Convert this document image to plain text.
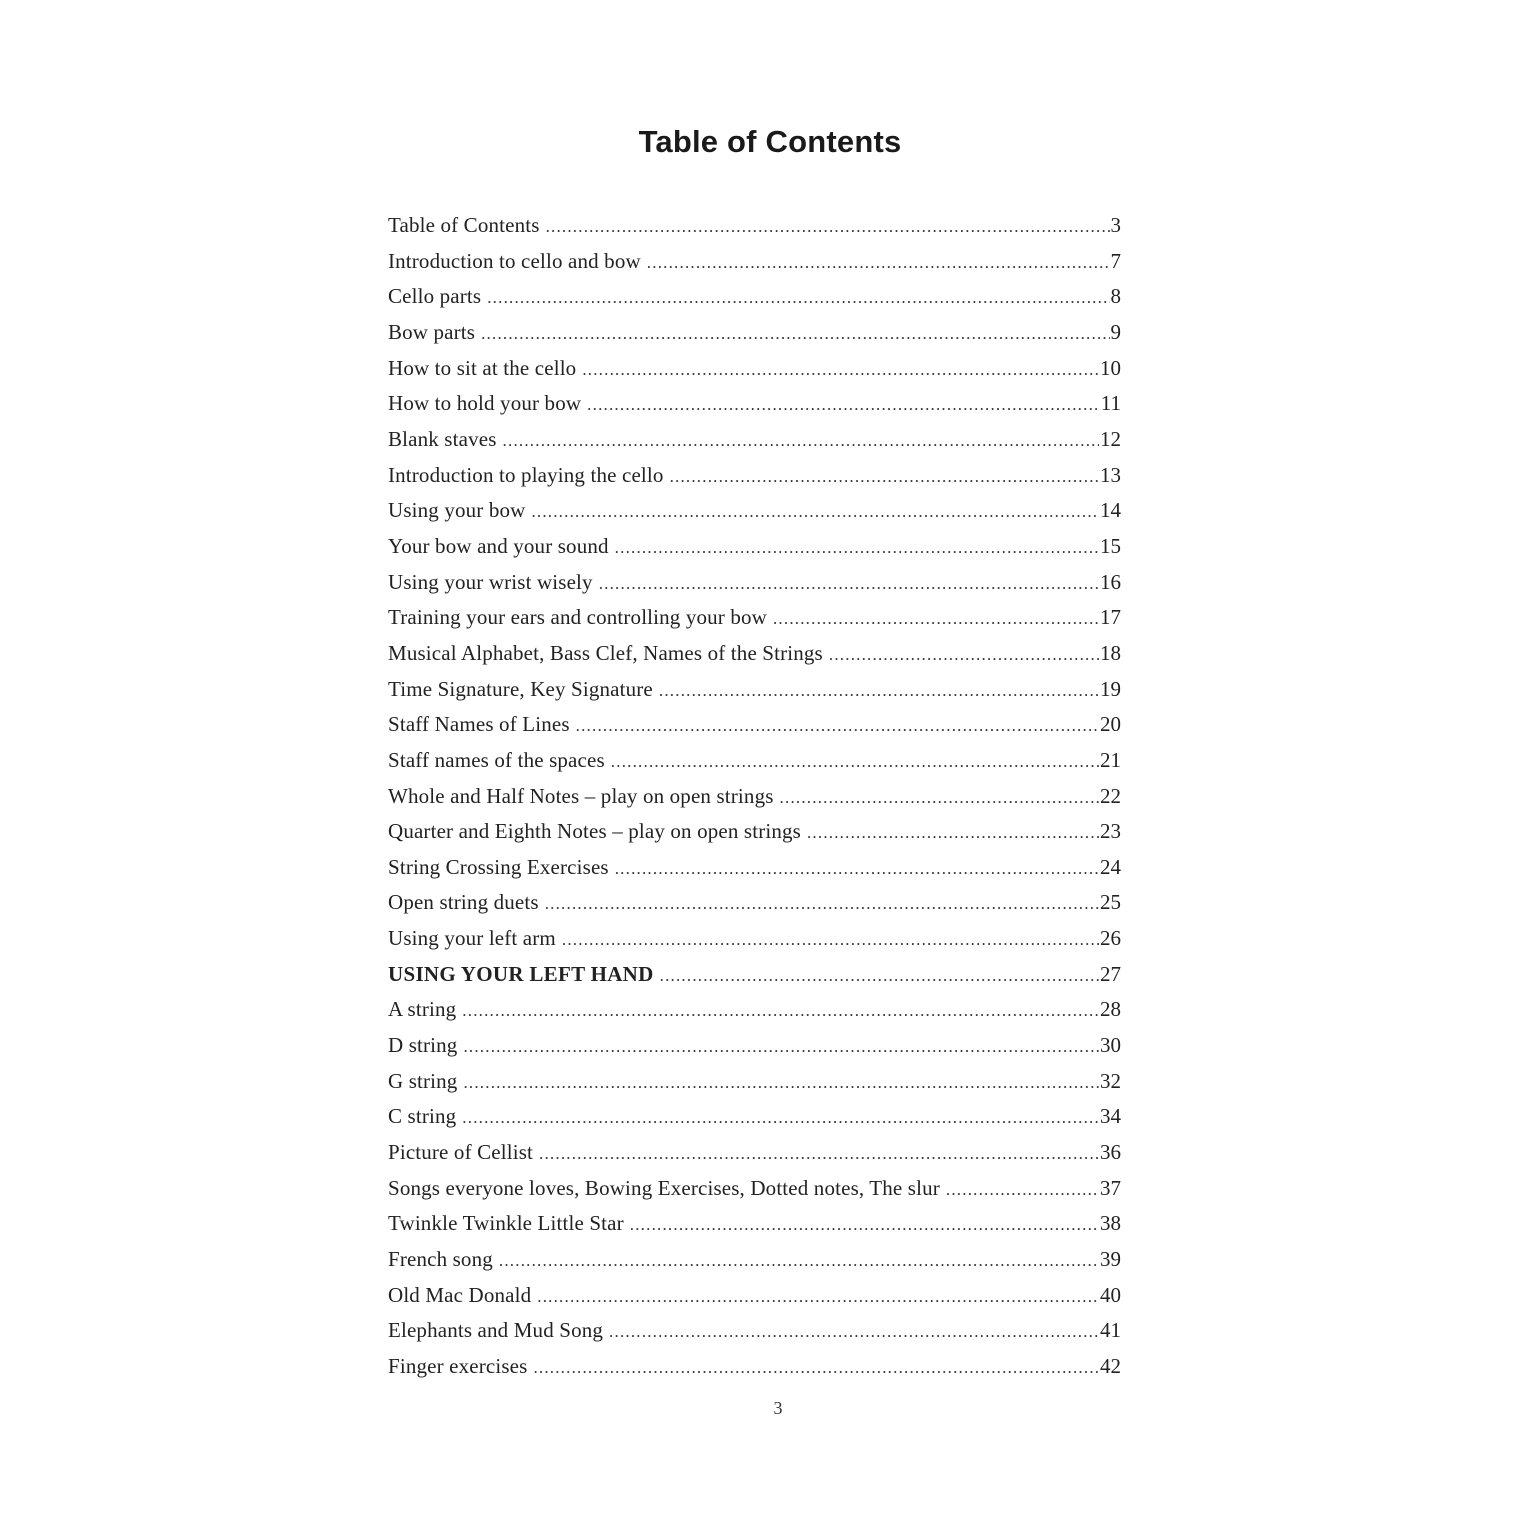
Table of Contents
Table of Contents .....	3
Introduction to cello and bow .....	7
Cello parts .....	8
Bow parts .....	9
How to sit at the cello .....	10
How to hold your bow .....	11
Blank staves .....	12
Introduction to playing the cello .....	13
Using your bow .....	14
Your bow and your sound .....	15
Using your wrist wisely .....	16
Training your ears and controlling your bow .....	17
Musical Alphabet, Bass Clef, Names of the Strings .....	18
Time Signature, Key Signature .....	19
Staff Names of Lines .....	20
Staff names of the spaces .....	21
Whole and Half Notes – play on open strings .....	22
Quarter and Eighth Notes – play on open strings .....	23
String Crossing Exercises .....	24
Open string duets .....	25
Using your left arm .....	26
USING YOUR LEFT HAND .....	27
A string .....	28
D string .....	30
G string .....	32
C string .....	34
Picture of Cellist .....	36
Songs everyone loves, Bowing Exercises, Dotted notes, The slur .....	37
Twinkle Twinkle Little Star .....	38
French song .....	39
Old Mac Donald .....	40
Elephants and Mud Song .....	41
Finger exercises .....	42
3
